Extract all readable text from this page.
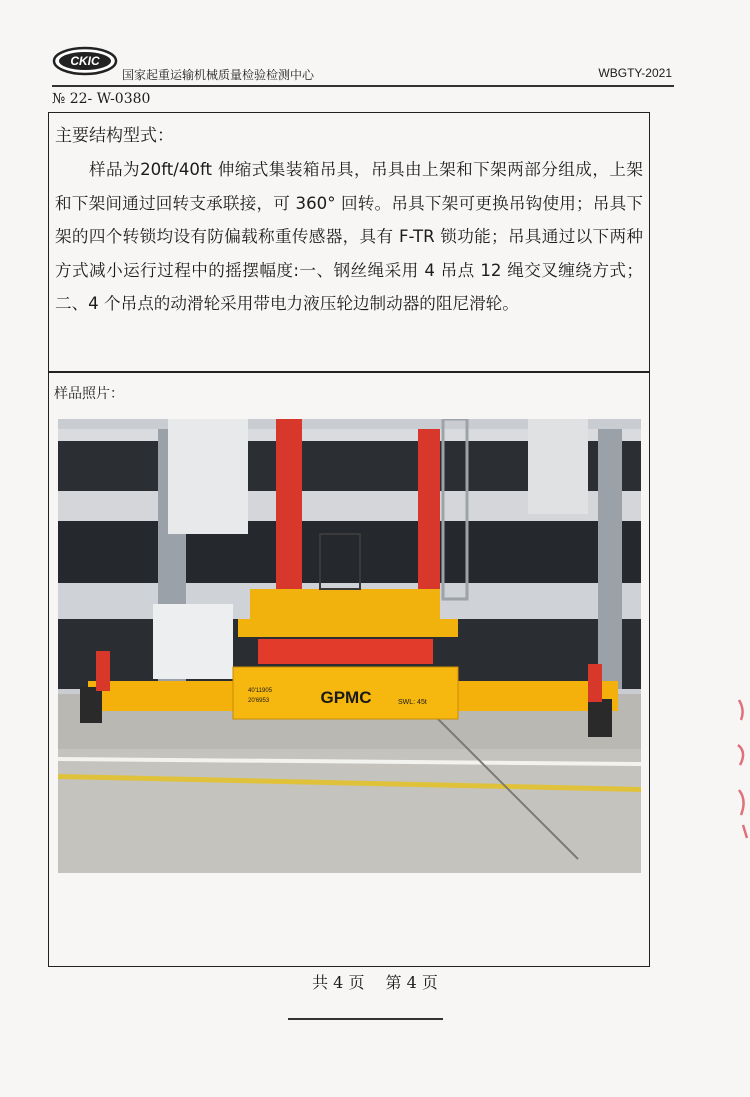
CKIC
国家起重运输机械质量检验检测中心	WBGTY-2021
№ 22- W-0380
主要结构型式：
样品为20ft/40ft 伸缩式集装箱吊具，吊具由上架和下架两部分组成，上架和下架间通过回转支承联接，可 360° 回转。吊具下架可更换吊钩使用；吊具下架的四个转锁均设有防偏载称重传感器，具有 F-TR 锁功能；吊具通过以下两种方式减小运行过程中的摇摆幅度:一、钢丝绳采用 4 吊点 12 绳交叉缠绕方式；二、4 个吊点的动滑轮采用带电力液压轮边制动器的阻尼滑轮。
样品照片：
GPMC
40'11905
20'6953	SWL: 45t
共 4 页 第 4 页
